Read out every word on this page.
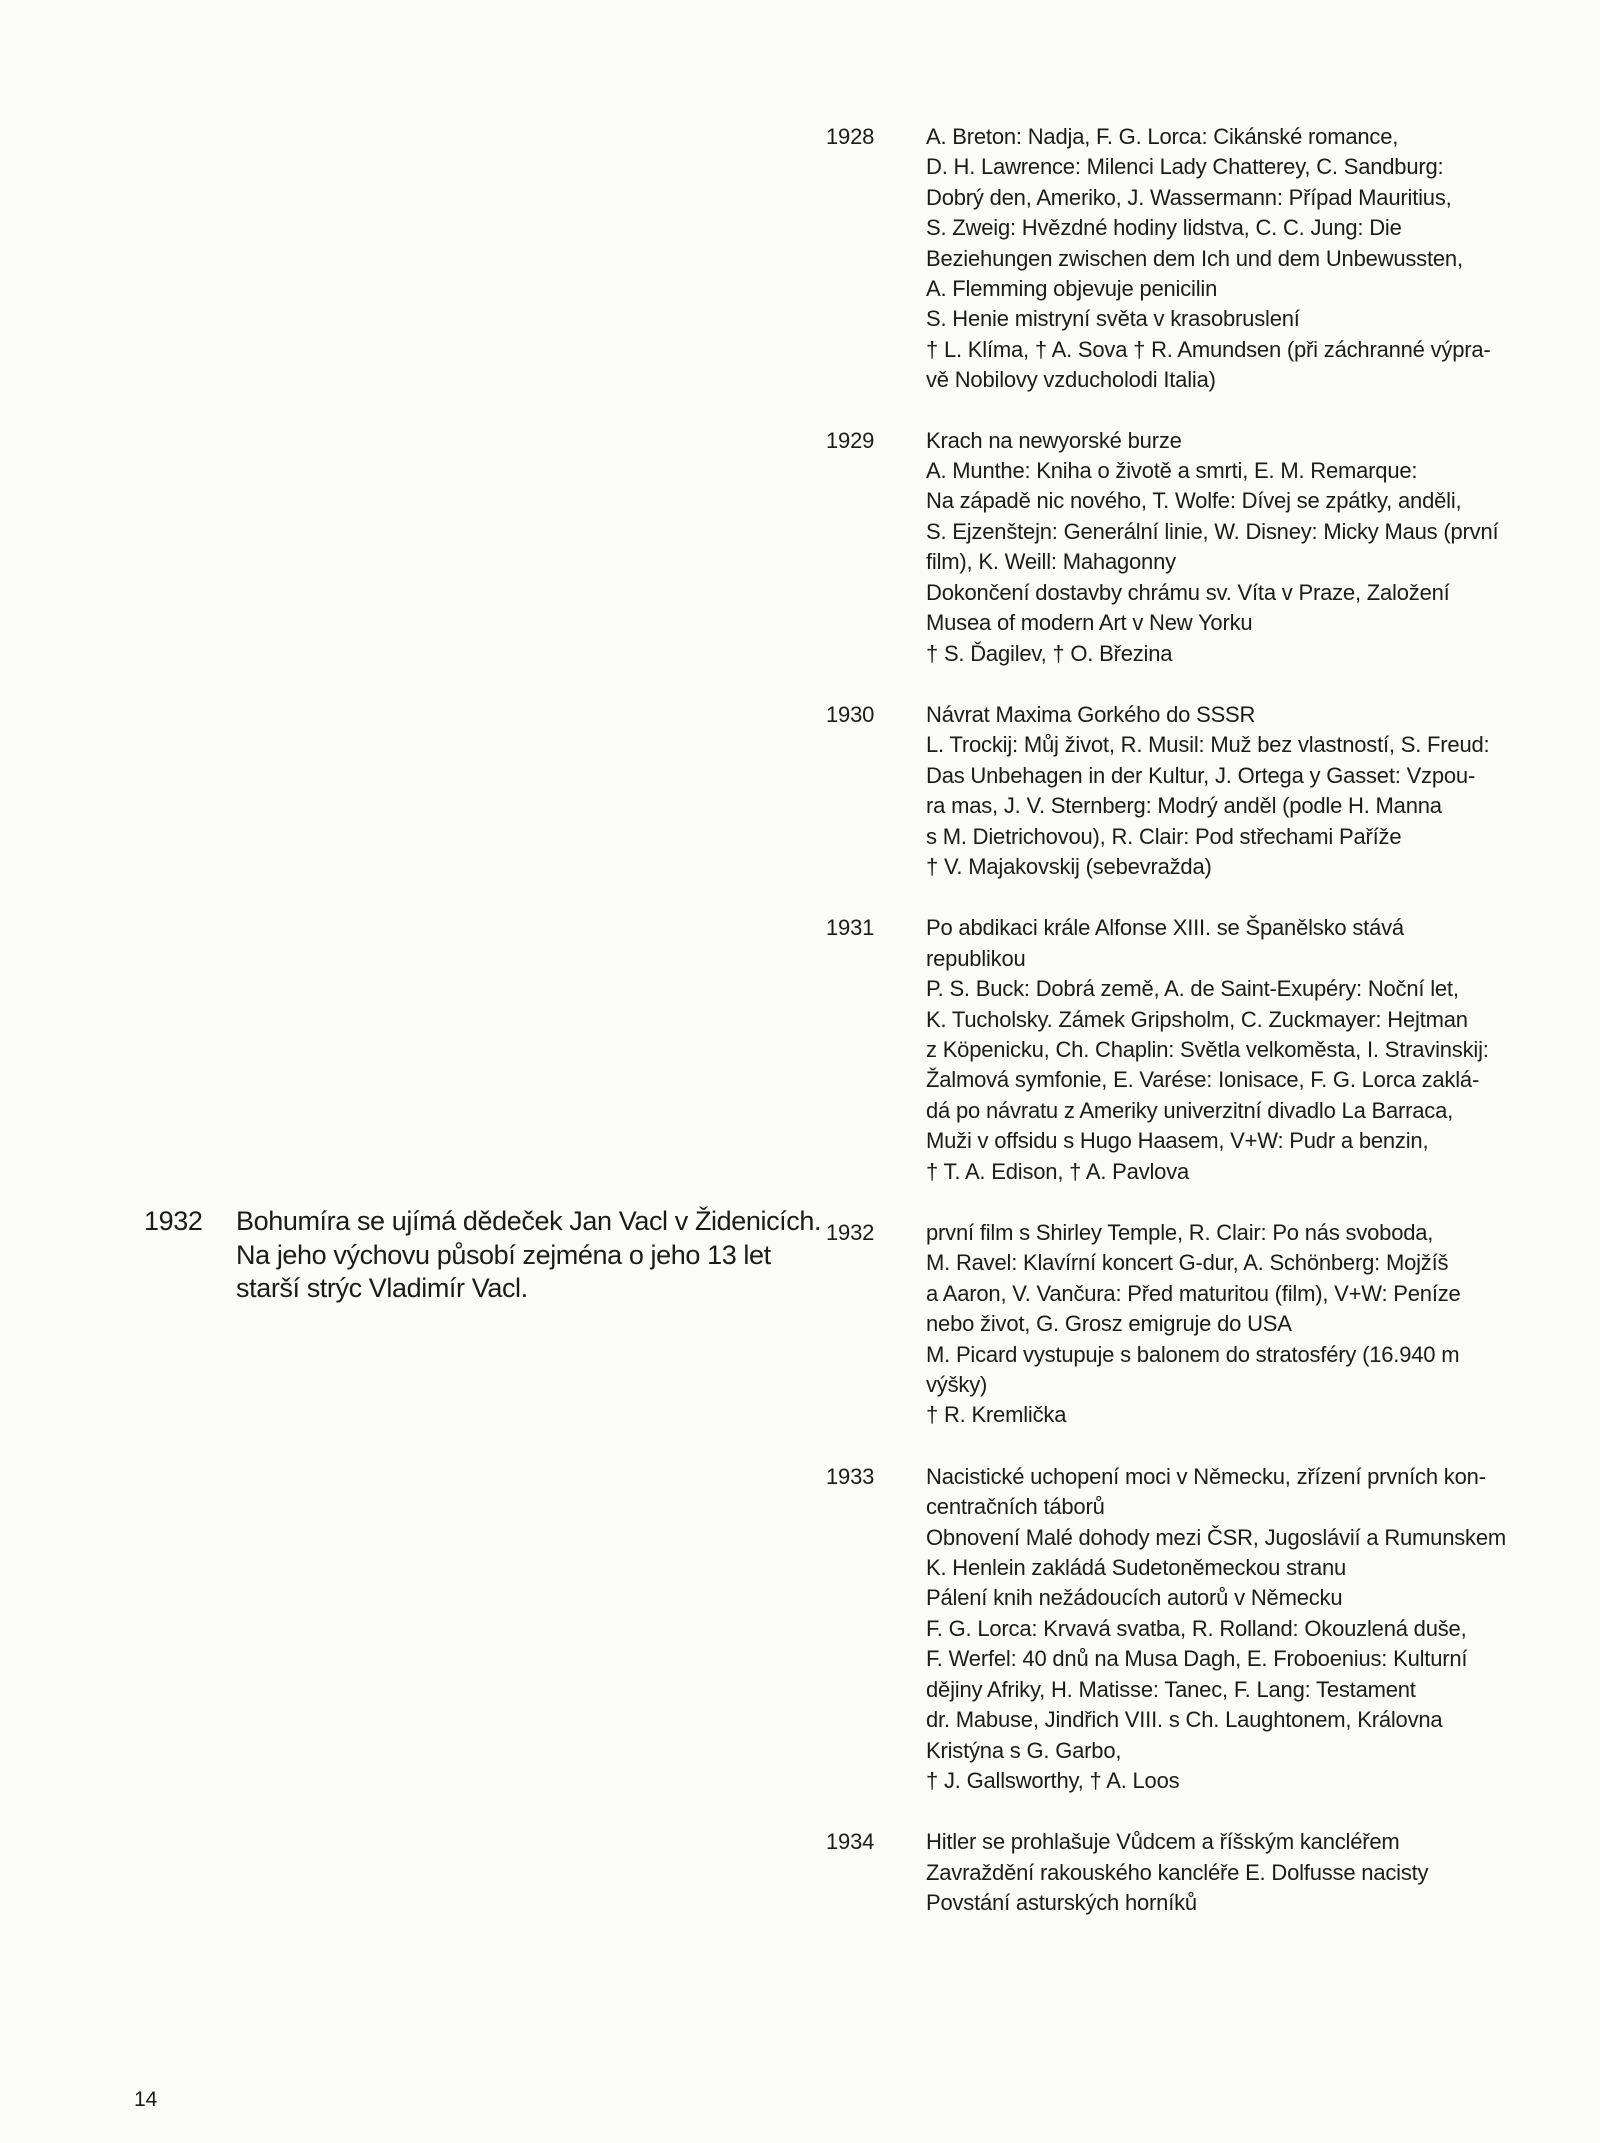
1928	A. Breton: Nadja, F. G. Lorca: Cikánské romance,
D. H. Lawrence: Milenci Lady Chatterey, C. Sandburg:
Dobrý den, Ameriko, J. Wassermann: Případ Mauritius,
S. Zweig: Hvězdné hodiny lidstva, C. C. Jung: Die
Beziehungen zwischen dem Ich und dem Unbewussten,
A. Flemming objevuje penicilin
S. Henie mistryní světa v krasobruslení
† L. Klíma, † A. Sova † R. Amundsen (při záchranné výpra-
vě Nobilovy vzducholodi Italia)
1929	Krach na newyorské burze
A. Munthe: Kniha o životě a smrti, E. M. Remarque:
Na západě nic nového, T. Wolfe: Dívej se zpátky, anděli,
S. Ejzenštejn: Generální linie, W. Disney: Micky Maus (první
film), K. Weill: Mahagonny
Dokončení dostavby chrámu sv. Víta v Praze, Založení
Musea of modern Art v New Yorku
† S. Ďagilev, † O. Březina
1930	Návrat Maxima Gorkého do SSSR
L. Trockij: Můj život, R. Musil: Muž bez vlastností, S. Freud:
Das Unbehagen in der Kultur, J. Ortega y Gasset: Vzpou-
ra mas, J. V. Sternberg: Modrý anděl (podle H. Manna
s M. Dietrichovou), R. Clair: Pod střechami Paříže
† V. Majakovskij (sebevražda)
1931	Po abdikaci krále Alfonse XIII. se Španělsko stává
republikou
P. S. Buck: Dobrá země, A. de Saint-Exupéry: Noční let,
K. Tucholsky. Zámek Gripsholm, C. Zuckmayer: Hejtman
z Köpenicku, Ch. Chaplin: Světla velkoměsta, I. Stravinskij:
Žalmová symfonie, E. Varése: Ionisace, F. G. Lorca zaklá-
dá po návratu z Ameriky univerzitní divadlo La Barraca,
Muži v offsidu s Hugo Haasem, V+W: Pudr a benzin,
† T. A. Edison, † A. Pavlova
1932	první film s Shirley Temple, R. Clair: Po nás svoboda,
M. Ravel: Klavírní koncert G-dur, A. Schönberg: Mojžíš
a Aaron, V. Vančura: Před maturitou (film), V+W: Peníze
nebo život, G. Grosz emigruje do USA
M. Picard vystupuje s balonem do stratosféry (16.940 m
výšky)
† R. Kremlička
1933	Nacistické uchopení moci v Německu, zřízení prvních kon-
centračních táborů
Obnovení Malé dohody mezi ČSR, Jugoslávií a Rumunskem
K. Henlein zakládá Sudetoněmeckou stranu
Pálení knih nežádoucích autorů v Německu
F. G. Lorca: Krvavá svatba, R. Rolland: Okouzlená duše,
F. Werfel: 40 dnů na Musa Dagh, E. Froboenius: Kulturní
dějiny Afriky, H. Matisse: Tanec, F. Lang: Testament
dr. Mabuse, Jindřich VIII. s Ch. Laughtonem, Královna
Kristýna s G. Garbo,
† J. Gallsworthy, † A. Loos
1934	Hitler se prohlašuje Vůdcem a říšským kancléřem
Zavraždění rakouského kancléře E. Dolfusse nacisty
Povstání asturských horníků
1932 Bohumíra se ujímá dědeček Jan Vacl v Židenicích.
Na jeho výchovu působí zejména o jeho 13 let
starší strýc Vladimír Vacl.
14
